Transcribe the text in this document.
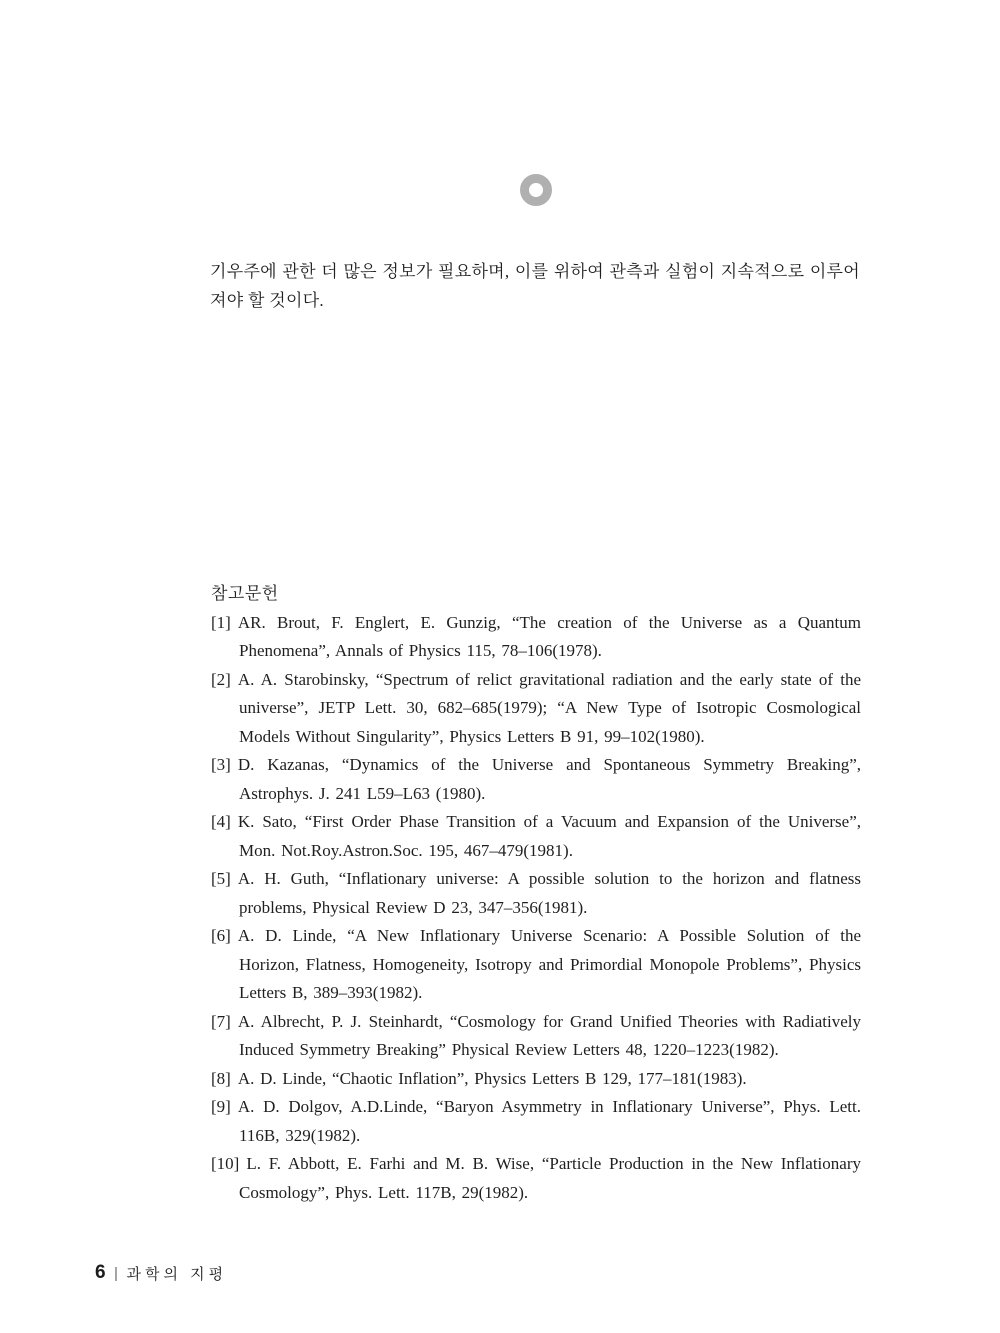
기우주에 관한 더 많은 정보가 필요하며, 이를 위하여 관측과 실험이 지속적으로 이루어져야 할 것이다.

참고문헌
[1] AR. Brout, F. Englert, E. Gunzig, “The creation of the Universe as a Quantum Phenomena”, Annals of Physics 115, 78–106(1978).
[2] A. A. Starobinsky, “Spectrum of relict gravitational radiation and the early state of the universe”, JETP Lett. 30, 682–685(1979); “A New Type of Isotropic Cosmological Models Without Singularity”, Physics Letters B 91, 99–102(1980).
[3] D. Kazanas, “Dynamics of the Universe and Spontaneous Symmetry Breaking”, Astrophys. J. 241 L59–L63 (1980).
[4] K. Sato, “First Order Phase Transition of a Vacuum and Expansion of the Universe”, Mon. Not.Roy.Astron.Soc. 195, 467–479(1981).
[5] A. H. Guth, “Inflationary universe: A possible solution to the horizon and flatness problems, Physical Review D 23, 347–356(1981).
[6] A. D. Linde, “A New Inflationary Universe Scenario: A Possible Solution of the Horizon, Flatness, Homogeneity, Isotropy and Primordial Monopole Problems”, Physics Letters B, 389–393(1982).
[7] A. Albrecht, P. J. Steinhardt, “Cosmology for Grand Unified Theories with Radiatively Induced Symmetry Breaking” Physical Review Letters 48, 1220–1223(1982).
[8] A. D. Linde, “Chaotic Inflation”, Physics Letters B 129, 177–181(1983).
[9] A. D. Dolgov, A.D.Linde, “Baryon Asymmetry in Inflationary Universe”, Phys. Lett. 116B, 329(1982).
[10] L. F. Abbott, E. Farhi and M. B. Wise, “Particle Production in the New Inflationary Cosmology”, Phys. Lett. 117B, 29(1982).
6 | 과학의 지평
